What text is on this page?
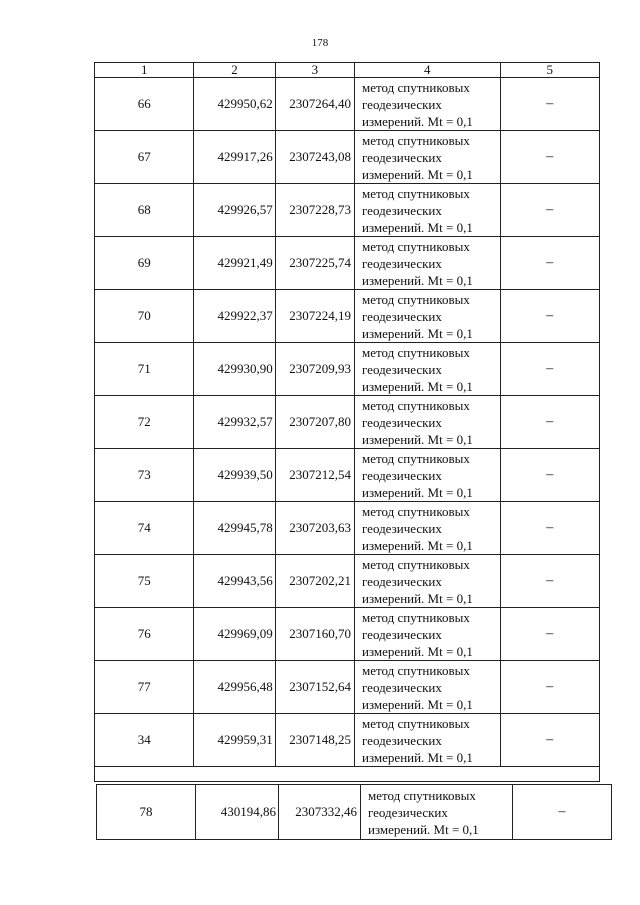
178
1	2	3	4	5
66	429950,62	2307264,40	метод спутниковых геодезических измерений. Mt = 0,1	–
67	429917,26	2307243,08	метод спутниковых геодезических измерений. Mt = 0,1	–
68	429926,57	2307228,73	метод спутниковых геодезических измерений. Mt = 0,1	–
69	429921,49	2307225,74	метод спутниковых геодезических измерений. Mt = 0,1	–
70	429922,37	2307224,19	метод спутниковых геодезических измерений. Mt = 0,1	–
71	429930,90	2307209,93	метод спутниковых геодезических измерений. Mt = 0,1	–
72	429932,57	2307207,80	метод спутниковых геодезических измерений. Mt = 0,1	–
73	429939,50	2307212,54	метод спутниковых геодезических измерений. Mt = 0,1	–
74	429945,78	2307203,63	метод спутниковых геодезических измерений. Mt = 0,1	–
75	429943,56	2307202,21	метод спутниковых геодезических измерений. Mt = 0,1	–
76	429969,09	2307160,70	метод спутниковых геодезических измерений. Mt = 0,1	–
77	429956,48	2307152,64	метод спутниковых геодезических измерений. Mt = 0,1	–
34	429959,31	2307148,25	метод спутниковых геодезических измерений. Mt = 0,1	–

78	430194,86	2307332,46	метод спутниковых геодезических измерений. Mt = 0,1	–
